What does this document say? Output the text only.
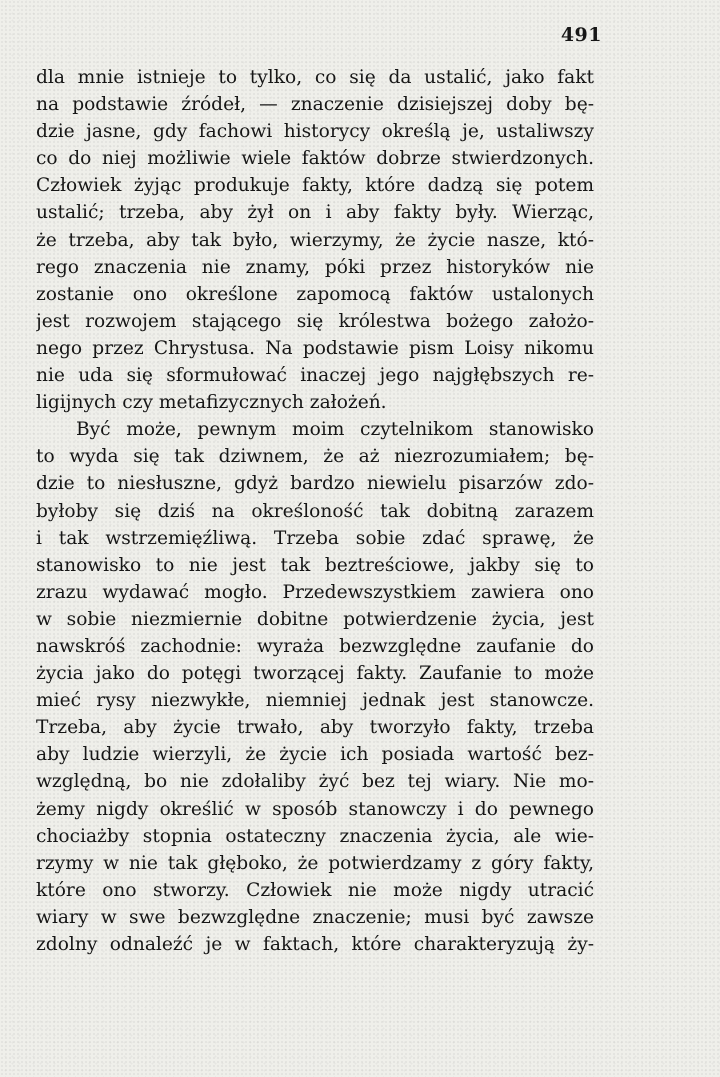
491
dla mnie istnieje to tylko, co się da ustalić, jako fakt
na podstawie źródeł, — znaczenie dzisiejszej doby bę-
dzie jasne, gdy fachowi historycy określą je, ustaliwszy
co do niej możliwie wiele faktów dobrze stwierdzonych.
Człowiek żyjąc produkuje fakty, które dadzą się potem
ustalić; trzeba, aby żył on i aby fakty były. Wierząc,
że trzeba, aby tak było, wierzymy, że życie nasze, któ-
rego znaczenia nie znamy, póki przez historyków nie
zostanie ono określone zapomocą faktów ustalonych
jest rozwojem stającego się królestwa bożego założo-
nego przez Chrystusa. Na podstawie pism Loisy nikomu
nie uda się sformułować inaczej jego najgłębszych re-
ligijnych czy metafizycznych założeń.
Być może, pewnym moim czytelnikom stanowisko
to wyda się tak dziwnem, że aż niezrozumiałem; bę-
dzie to niesłuszne, gdyż bardzo niewielu pisarzów zdo-
byłoby się dziś na określoność tak dobitną zarazem
i tak wstrzemięźliwą. Trzeba sobie zdać sprawę, że
stanowisko to nie jest tak beztreściowe, jakby się to
zrazu wydawać mogło. Przedewszystkiem zawiera ono
w sobie niezmiernie dobitne potwierdzenie życia, jest
nawskróś zachodnie: wyraża bezwzględne zaufanie do
życia jako do potęgi tworzącej fakty. Zaufanie to może
mieć rysy niezwykłe, niemniej jednak jest stanowcze.
Trzeba, aby życie trwało, aby tworzyło fakty, trzeba
aby ludzie wierzyli, że życie ich posiada wartość bez-
względną, bo nie zdołaliby żyć bez tej wiary. Nie mo-
żemy nigdy określić w sposób stanowczy i do pewnego
chociażby stopnia ostateczny znaczenia życia, ale wie-
rzymy w nie tak głęboko, że potwierdzamy z góry fakty,
które ono stworzy. Człowiek nie może nigdy utracić
wiary w swe bezwzględne znaczenie; musi być zawsze
zdolny odnaleźć je w faktach, które charakteryzują ży-
